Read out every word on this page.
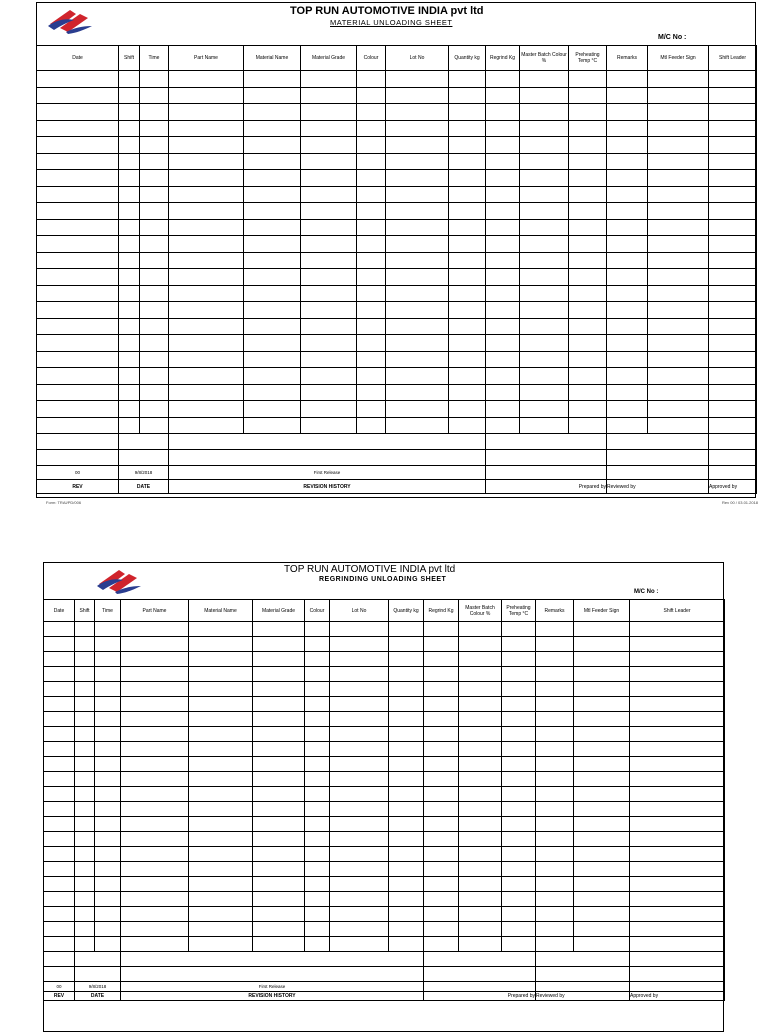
TOP RUN AUTOMOTIVE INDIA pvt ltd
MATERIAL UNLOADING SHEET
M/C No :
Date	Shift	Time	Part Name	Material Name	Material Grade	Colour	Lot No	Quantity kg	Regrind Kg	Master Batch Colour %	Preheating Temp °C	Remarks	Mtl Feeder Sign	Shift Leader

00	9/8/2018		First Release											
REV	DATE		REVISION HISTORY						Prepared by			Reviewed by		Approved by
Form: TRAI/PD/006	Rev 00 / 03.01.2018
TOP RUN AUTOMOTIVE INDIA pvt ltd
REGRINDING UNLOADING SHEET
M/C No :
Date	Shift	Time	Part Name	Material Name	Material Grade	Colour	Lot No	Quantity kg	Regrind Kg	Master Batch Colour %	Preheating Temp °C	Remarks	Mtl Feeder Sign	Shift Leader

00	9/8/2018		First Release											
REV	DATE		REVISION HISTORY						Prepared by			Reviewed by		Approved by
